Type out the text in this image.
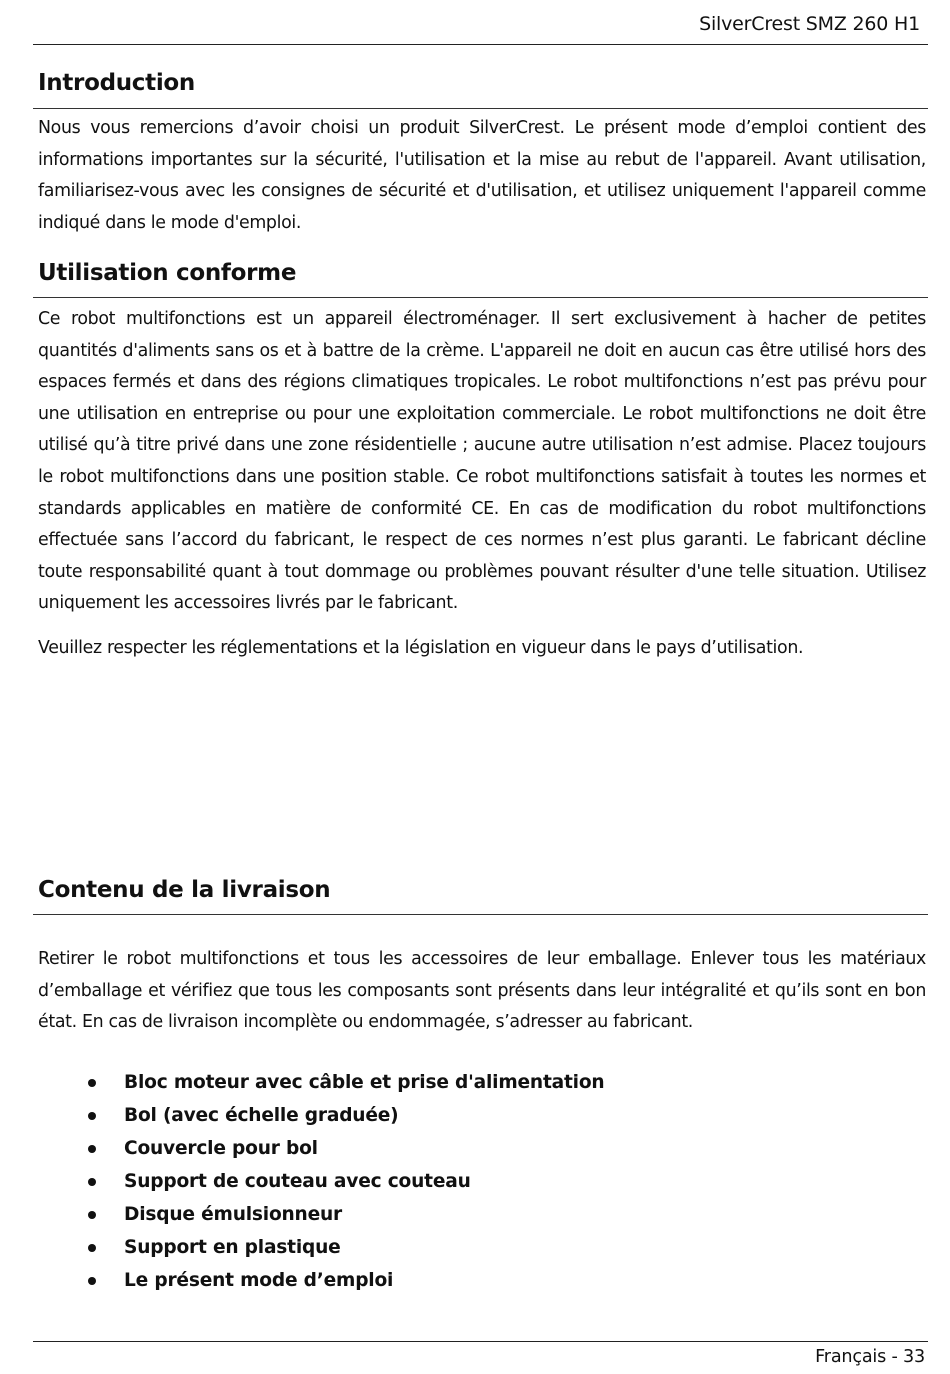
SilverCrest SMZ 260 H1
Introduction

Nous vous remercions d’avoir choisi un produit SilverCrest. Le présent mode d’emploi contient des informations importantes sur la sécurité, l'utilisation et la mise au rebut de l'appareil. Avant utilisation, familiarisez-vous avec les consignes de sécurité et d'utilisation, et utilisez uniquement l'appareil comme indiqué dans le mode d'emploi.

Utilisation conforme

Ce robot multifonctions est un appareil électroménager. Il sert exclusivement à hacher de petites quantités d'aliments sans os et à battre de la crème. L'appareil ne doit en aucun cas être utilisé hors des espaces fermés et dans des régions climatiques tropicales. Le robot multifonctions n’est pas prévu pour une utilisation en entreprise ou pour une exploitation commerciale. Le robot multifonctions ne doit être utilisé qu’à titre privé dans une zone résidentielle ; aucune autre utilisation n’est admise. Placez toujours le robot multifonctions dans une position stable. Ce robot multifonctions satisfait à toutes les normes et standards applicables en matière de conformité CE. En cas de modification du robot multifonctions effectuée sans l’accord du fabricant, le respect de ces normes n’est plus garanti. Le fabricant décline toute responsabilité quant à tout dommage ou problèmes pouvant résulter d'une telle situation. Utilisez uniquement les accessoires livrés par le fabricant.

Veuillez respecter les réglementations et la législation en vigueur dans le pays d’utilisation.

Contenu de la livraison

Retirer le robot multifonctions et tous les accessoires de leur emballage. Enlever tous les matériaux d’emballage et vérifiez que tous les composants sont présents dans leur intégralité et qu’ils sont en bon état. En cas de livraison incomplète ou endommagée, s’adresser au fabricant.

Bloc moteur avec câble et prise d'alimentation
Bol (avec échelle graduée)
Couvercle pour bol
Support de couteau avec couteau
Disque émulsionneur
Support en plastique
Le présent mode d’emploi
Français - 33
